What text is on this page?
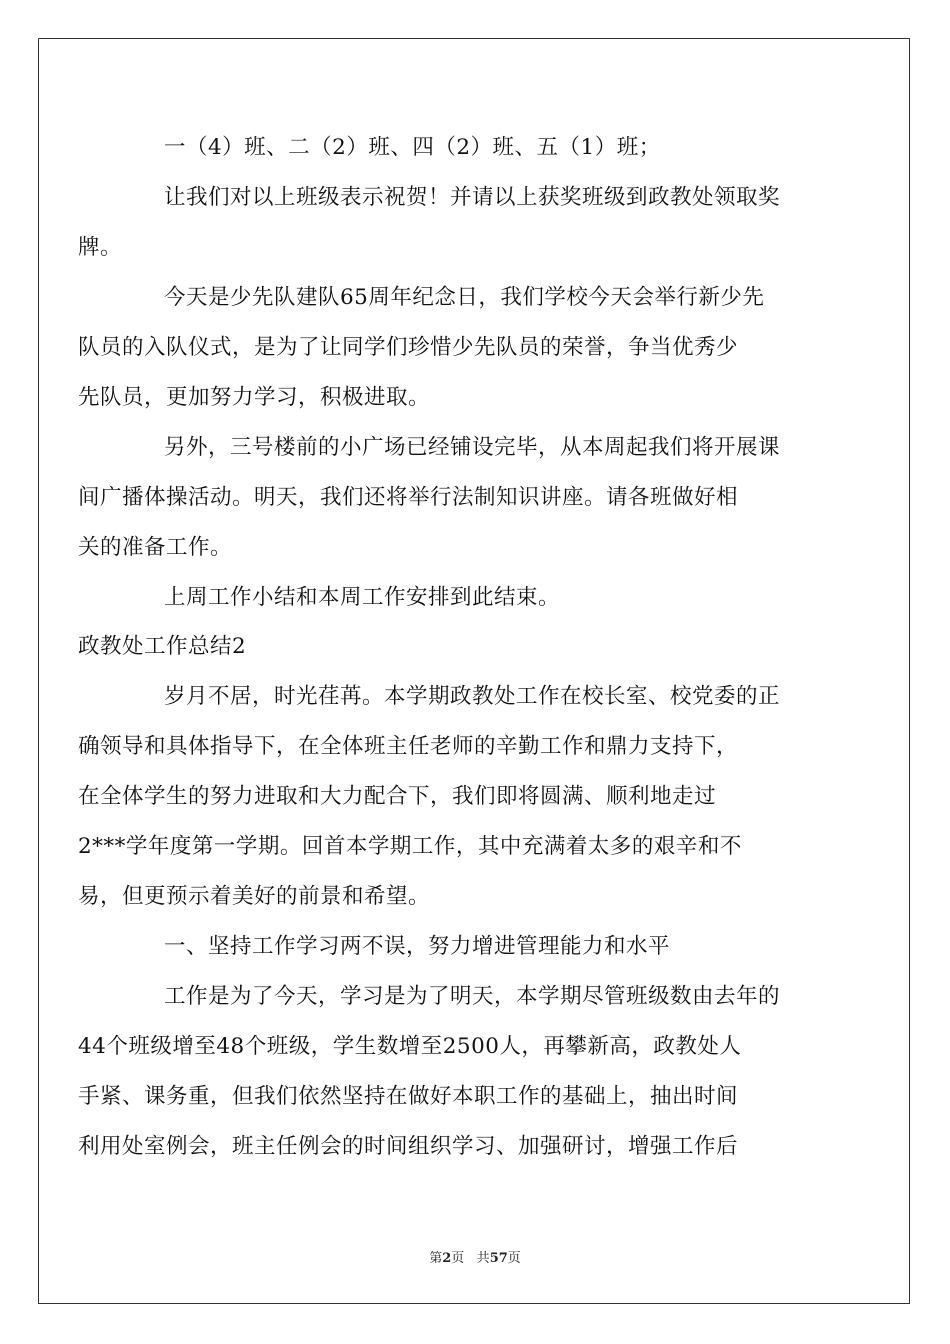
一（4）班、二（2）班、四（2）班、五（1）班；
让我们对以上班级表示祝贺！并请以上获奖班级到政教处领取奖
牌。
今天是少先队建队65周年纪念日，我们学校今天会举行新少先
队员的入队仪式，是为了让同学们珍惜少先队员的荣誉，争当优秀少
先队员，更加努力学习，积极进取。
另外，三号楼前的小广场已经铺设完毕，从本周起我们将开展课
间广播体操活动。明天，我们还将举行法制知识讲座。请各班做好相
关的准备工作。
上周工作小结和本周工作安排到此结束。
政教处工作总结2
岁月不居，时光荏苒。本学期政教处工作在校长室、校党委的正
确领导和具体指导下，在全体班主任老师的辛勤工作和鼎力支持下，
在全体学生的努力进取和大力配合下，我们即将圆满、顺利地走过
2***学年度第一学期。回首本学期工作，其中充满着太多的艰辛和不
易，但更预示着美好的前景和希望。
一、坚持工作学习两不误，努力增进管理能力和水平
工作是为了今天，学习是为了明天，本学期尽管班级数由去年的
44个班级增至48个班级，学生数增至2500人，再攀新高，政教处人
手紧、课务重，但我们依然坚持在做好本职工作的基础上，抽出时间
利用处室例会，班主任例会的时间组织学习、加强研讨，增强工作后
第2页 共57页
